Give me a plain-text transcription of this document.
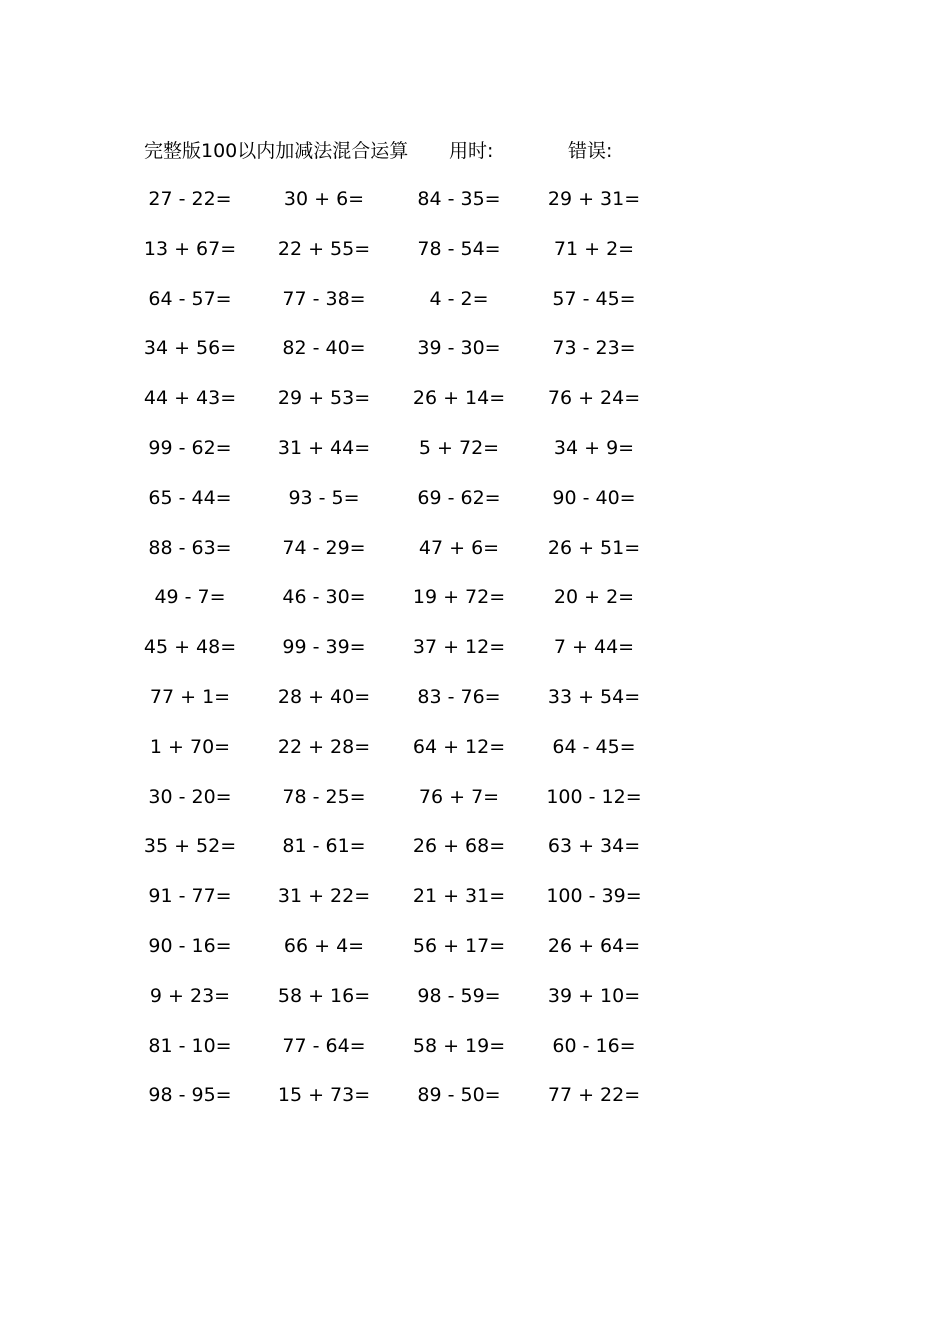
完整版100以内加减法混合运算 用时:	错误:
27 - 22=	30 + 6=	84 - 35=	29 + 31=
13 + 67=	22 + 55=	78 - 54=	71 + 2=
64 - 57=	77 - 38=	4 - 2=	57 - 45=
34 + 56=	82 - 40=	39 - 30=	73 - 23=
44 + 43=	29 + 53=	26 + 14=	76 + 24=
99 - 62=	31 + 44=	5 + 72=	34 + 9=
65 - 44=	93 - 5=	69 - 62=	90 - 40=
88 - 63=	74 - 29=	47 + 6=	26 + 51=
49 - 7=	46 - 30=	19 + 72=	20 + 2=
45 + 48=	99 - 39=	37 + 12=	7 + 44=
77 + 1=	28 + 40=	83 - 76=	33 + 54=
1 + 70=	22 + 28=	64 + 12=	64 - 45=
30 - 20=	78 - 25=	76 + 7=	100 - 12=
35 + 52=	81 - 61=	26 + 68=	63 + 34=
91 - 77=	31 + 22=	21 + 31=	100 - 39=
90 - 16=	66 + 4=	56 + 17=	26 + 64=
9 + 23=	58 + 16=	98 - 59=	39 + 10=
81 - 10=	77 - 64=	58 + 19=	60 - 16=
98 - 95=	15 + 73=	89 - 50=	77 + 22=
